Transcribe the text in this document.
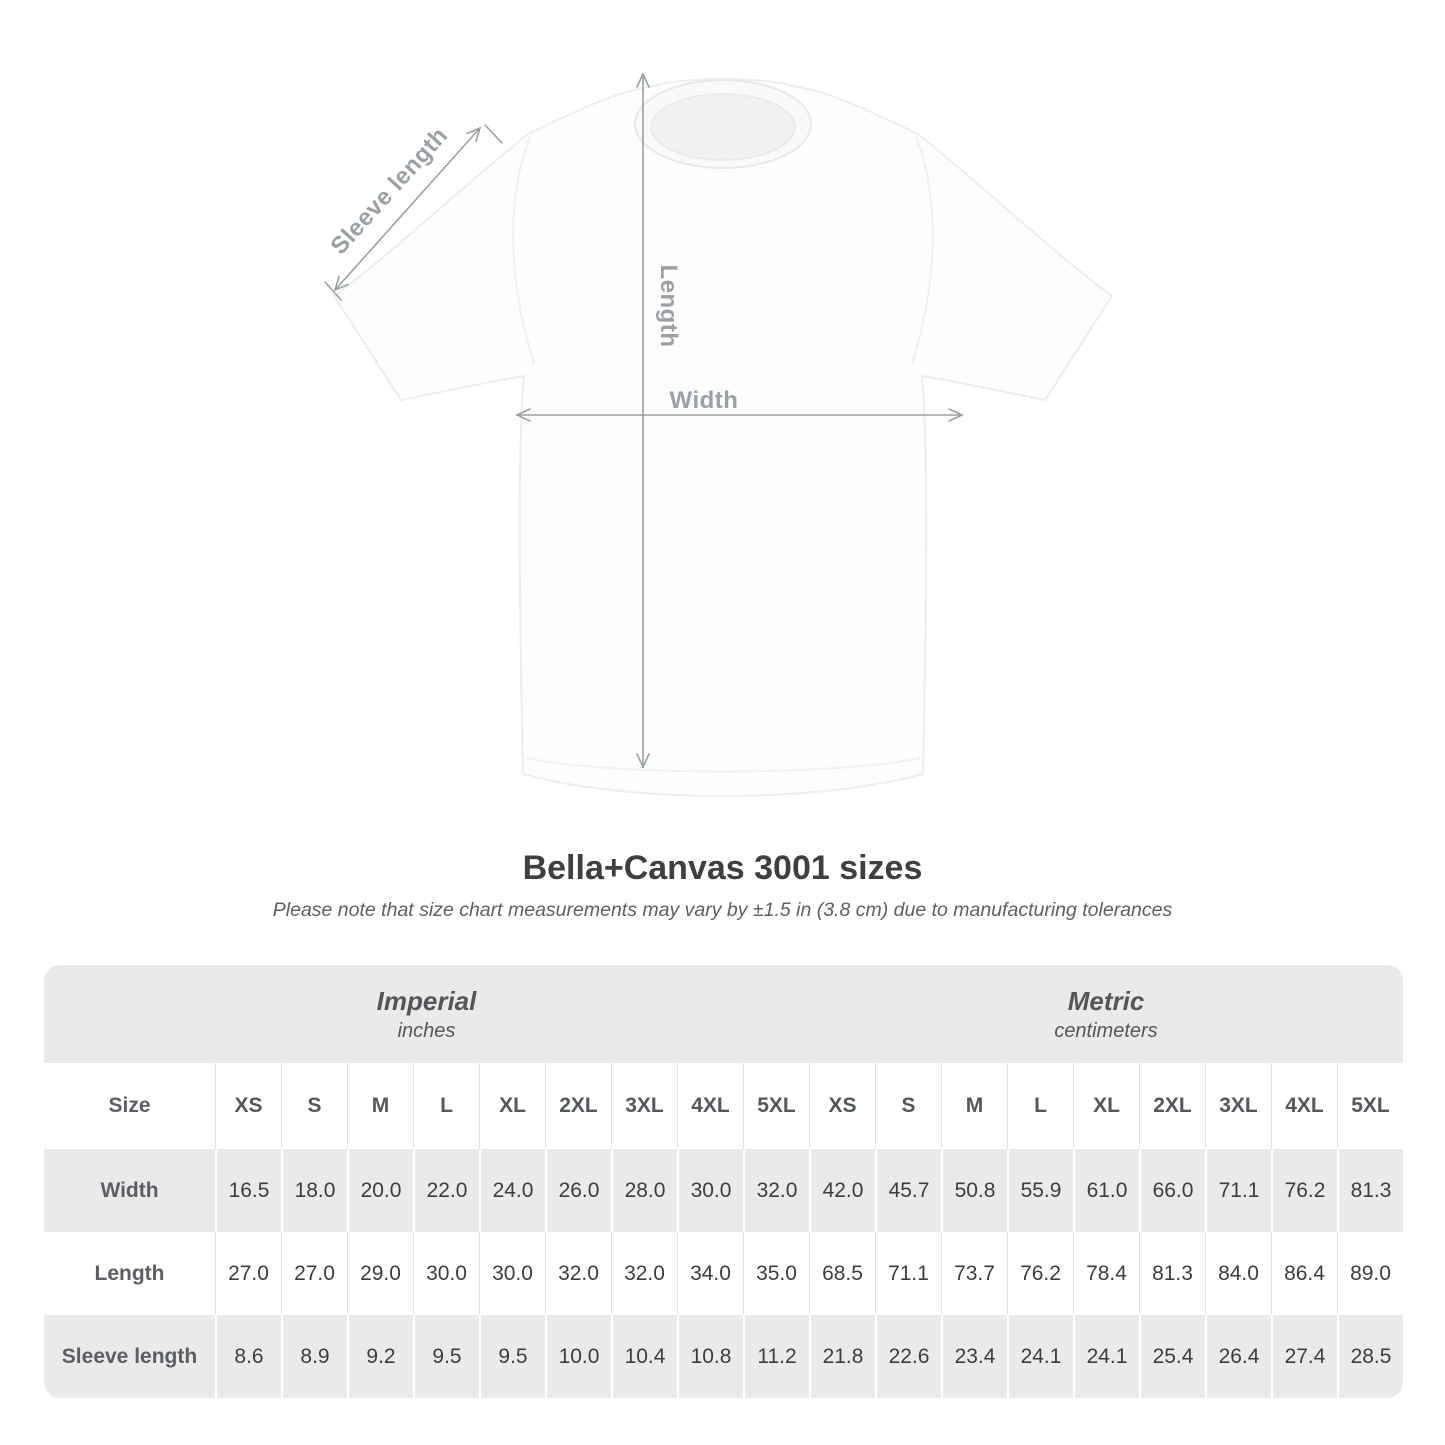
Width
Length
Sleeve length
Bella+Canvas 3001 sizes

Please note that size chart measurements may vary by ±1.5 in (3.8 cm) due to manufacturing tolerances

Imperial
inches
Metric
centimeters
Size	XS	S	M	L	XL	2XL	3XL	4XL	5XL	XS	S	M	L	XL	2XL	3XL	4XL	5XL
Width	16.5	18.0	20.0	22.0	24.0	26.0	28.0	30.0	32.0	42.0	45.7	50.8	55.9	61.0	66.0	71.1	76.2	81.3
Length	27.0	27.0	29.0	30.0	30.0	32.0	32.0	34.0	35.0	68.5	71.1	73.7	76.2	78.4	81.3	84.0	86.4	89.0
Sleeve length	8.6	8.9	9.2	9.5	9.5	10.0	10.4	10.8	11.2	21.8	22.6	23.4	24.1	24.1	25.4	26.4	27.4	28.5
